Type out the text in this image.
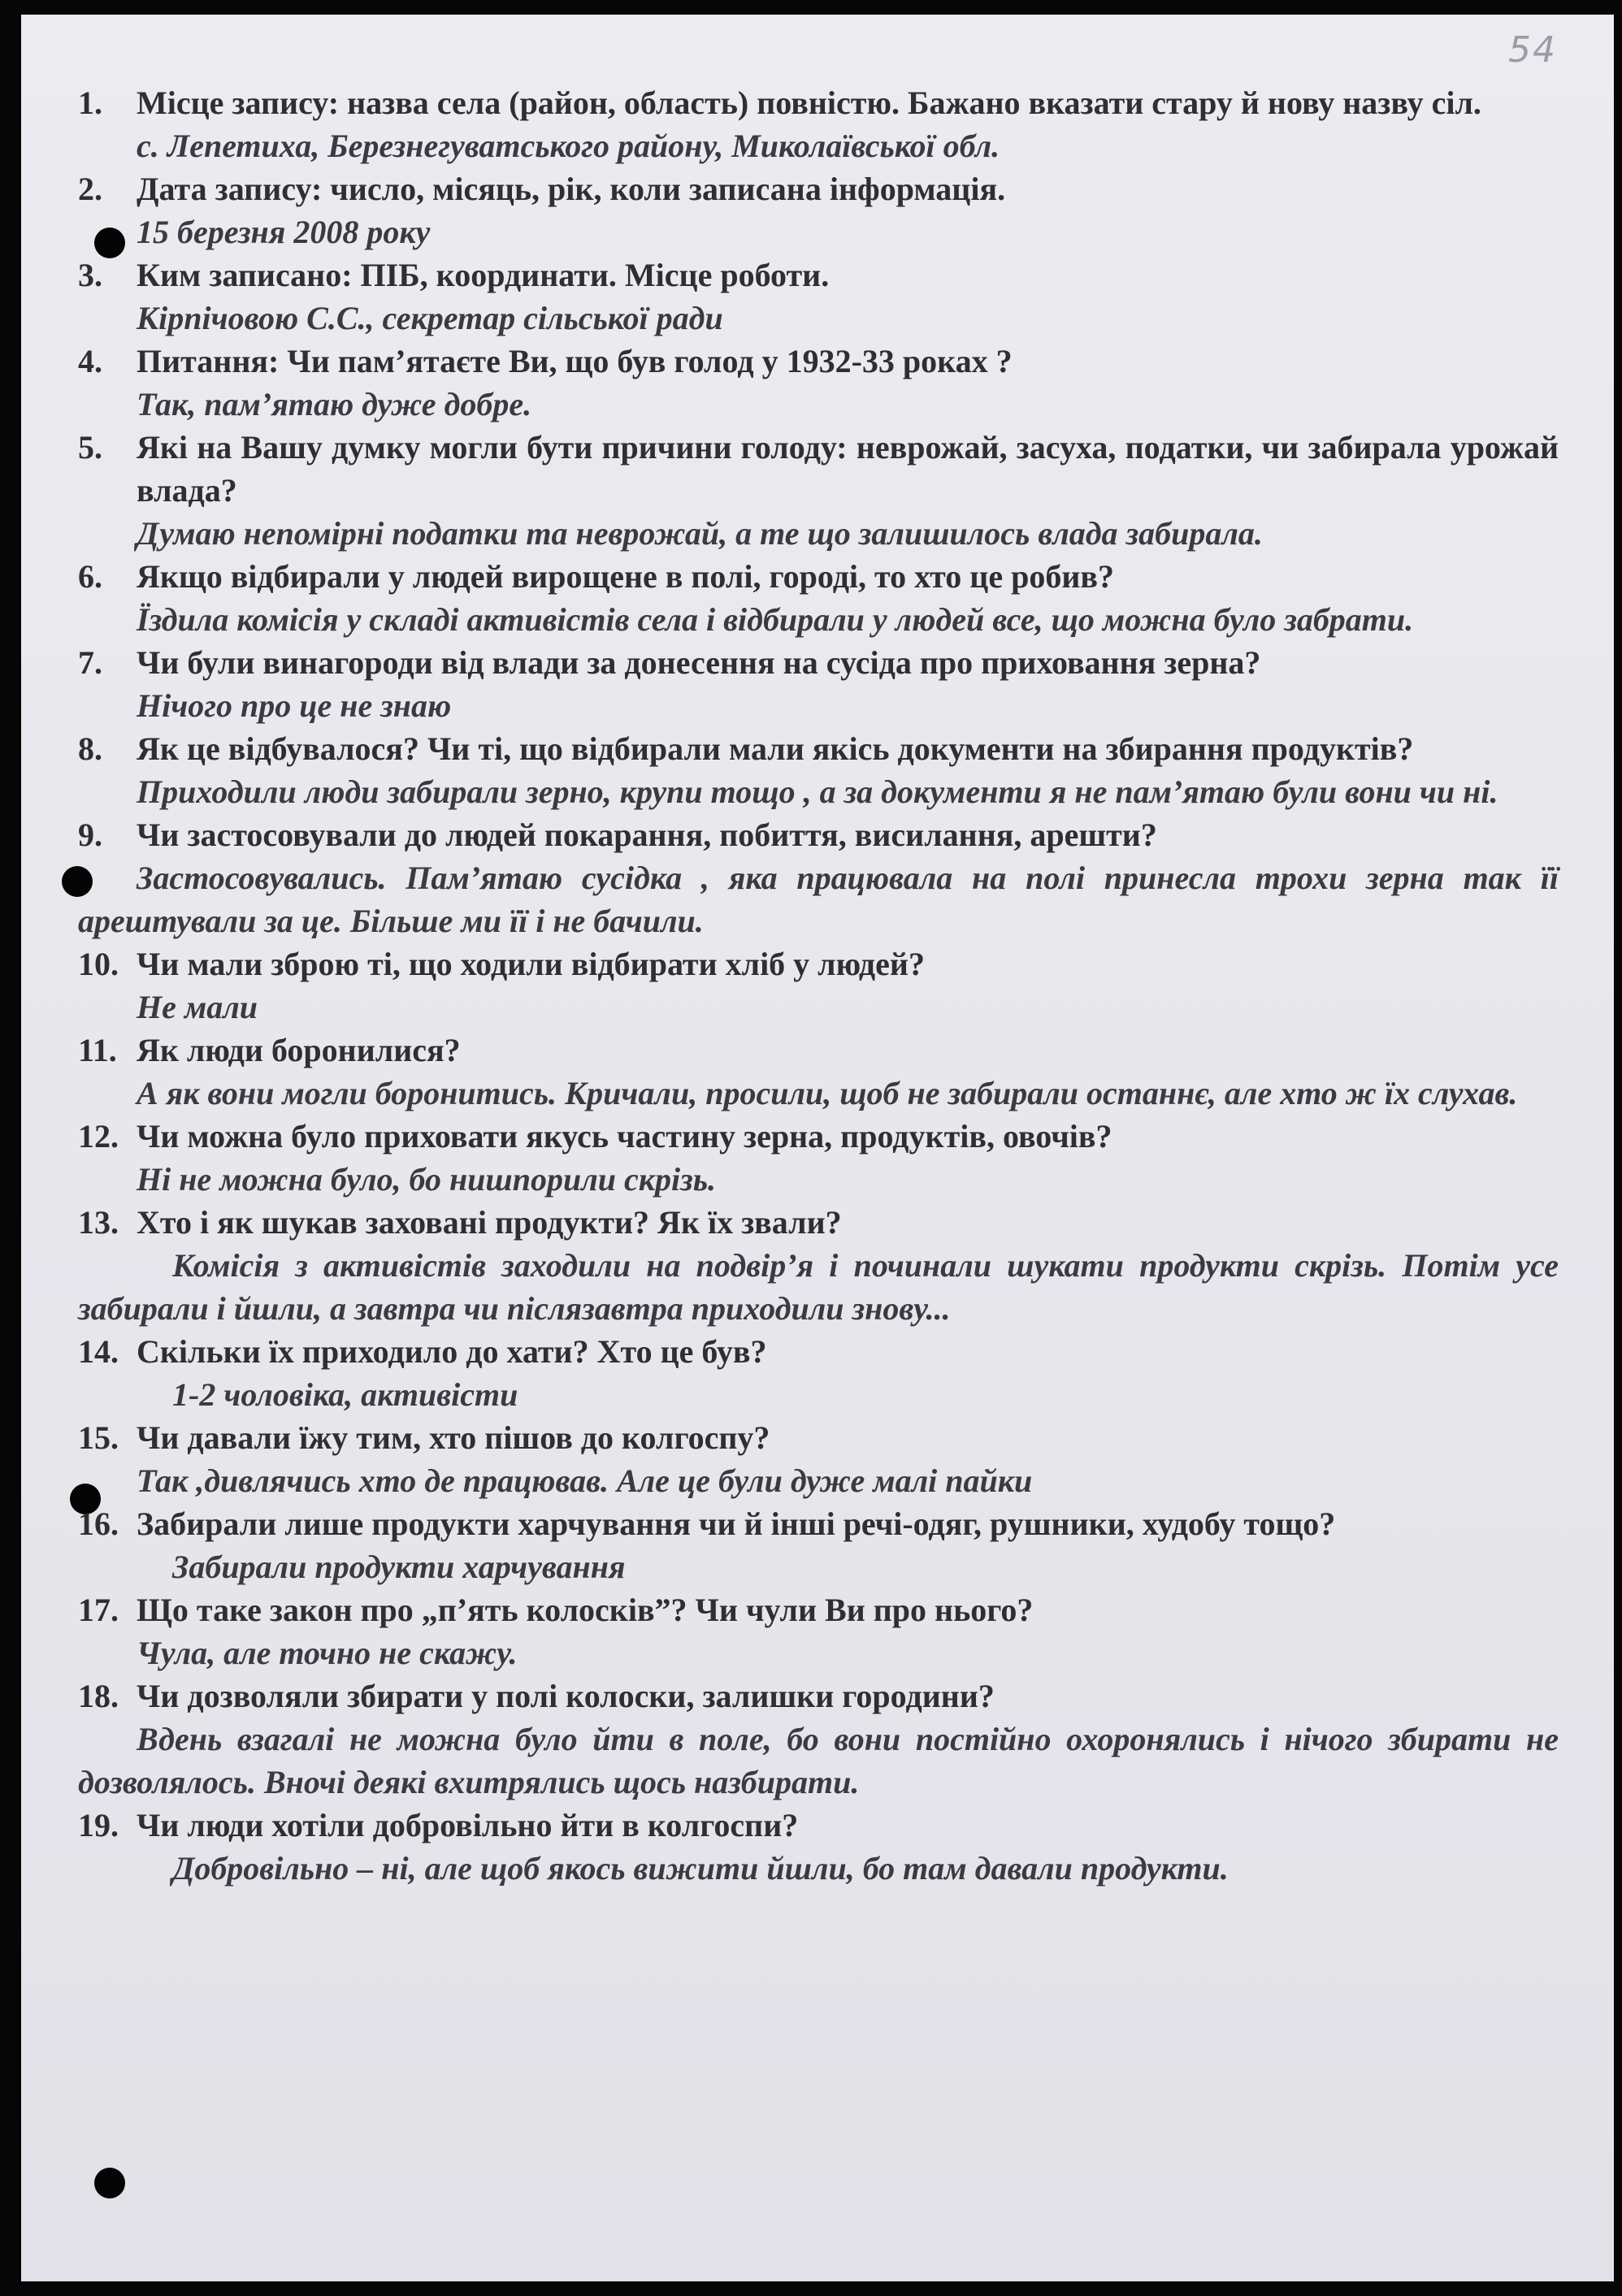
54

1. Місце запису: назва села (район, область) повністю. Бажано вказати стару й нову назву сіл.

с. Лепетиха, Березнегуватського району, Миколаївської обл.

2. Дата запису: число, місяць, рік, коли записана інформація.

15 березня 2008 року

3. Ким записано: ПІБ, координати. Місце роботи.

Кірпічовою С.С., секретар сільської ради

4. Питання: Чи пам’ятаєте Ви, що був голод у 1932-33 роках ?

Так, пам’ятаю дуже добре.

5. Які на Вашу думку могли бути причини голоду: неврожай, засуха, податки, чи забирала урожай влада?

Думаю непомірні податки та неврожай, а те що залишилось влада забирала.

6. Якщо відбирали у людей вирощене в полі, городі, то хто це робив?

Їздила комісія у складі активістів села і відбирали у людей все, що можна було забрати.

7. Чи були винагороди від влади за донесення на сусіда про приховання зерна?

Нічого про це не знаю

8. Як це відбувалося? Чи ті, що відбирали мали якісь документи на збирання продуктів?

Приходили люди забирали зерно, крупи тощо , а за документи я не пам’ятаю були вони чи ні.

9. Чи застосовували до людей покарання, побиття, висилання, арешти?

Застосовувались. Пам’ятаю сусідка , яка працювала на полі принесла трохи зерна так її арештували за це. Більше ми її і не бачили.

10. Чи мали зброю ті, що ходили відбирати хліб у людей?

Не мали

11. Як люди боронилися?

А як вони могли боронитись. Кричали, просили, щоб не забирали останнє, але хто ж їх слухав.

12. Чи можна було приховати якусь частину зерна, продуктів, овочів?

Ні не можна було, бо нишпорили скрізь.

13. Хто і як шукав заховані продукти? Як їх звали?

Комісія з активістів заходили на подвір’я і починали шукати продукти скрізь. Потім усе забирали і йшли, а завтра чи післязавтра приходили знову...

14. Скільки їх приходило до хати? Хто це був?

1-2 чоловіка, активісти

15. Чи давали їжу тим, хто пішов до колгоспу?

Так ,дивлячись хто де працював. Але це були дуже малі пайки

16. Забирали лише продукти харчування чи й інші речі-одяг, рушники, худобу тощо?

Забирали продукти харчування

17. Що таке закон про „п’ять колосків”? Чи чули Ви про нього?

Чула, але точно не скажу.

18. Чи дозволяли збирати у полі колоски, залишки городини?

Вдень взагалі не можна було йти в поле, бо вони постійно охоронялись і нічого збирати не дозволялось. Вночі деякі вхитрялись щось назбирати.

19. Чи люди хотіли добровільно йти в колгоспи?

Добровільно – ні, але щоб якось вижити йшли, бо там давали продукти.
